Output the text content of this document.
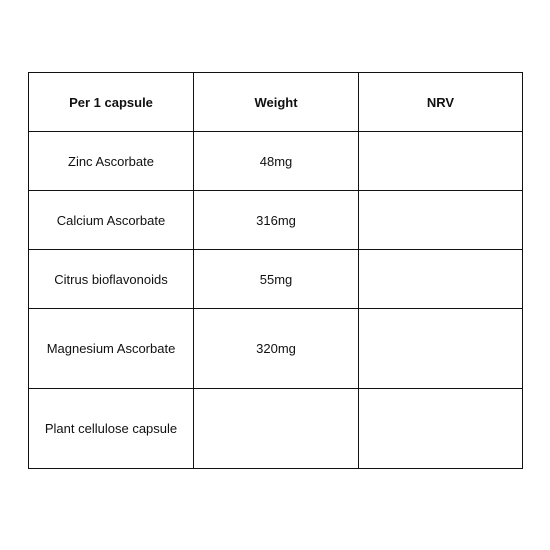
Per 1 capsule	Weight	NRV
Zinc Ascorbate	48mg	
Calcium Ascorbate	316mg	
Citrus bioflavonoids	55mg	
Magnesium Ascorbate	320mg	
Plant cellulose capsule		
